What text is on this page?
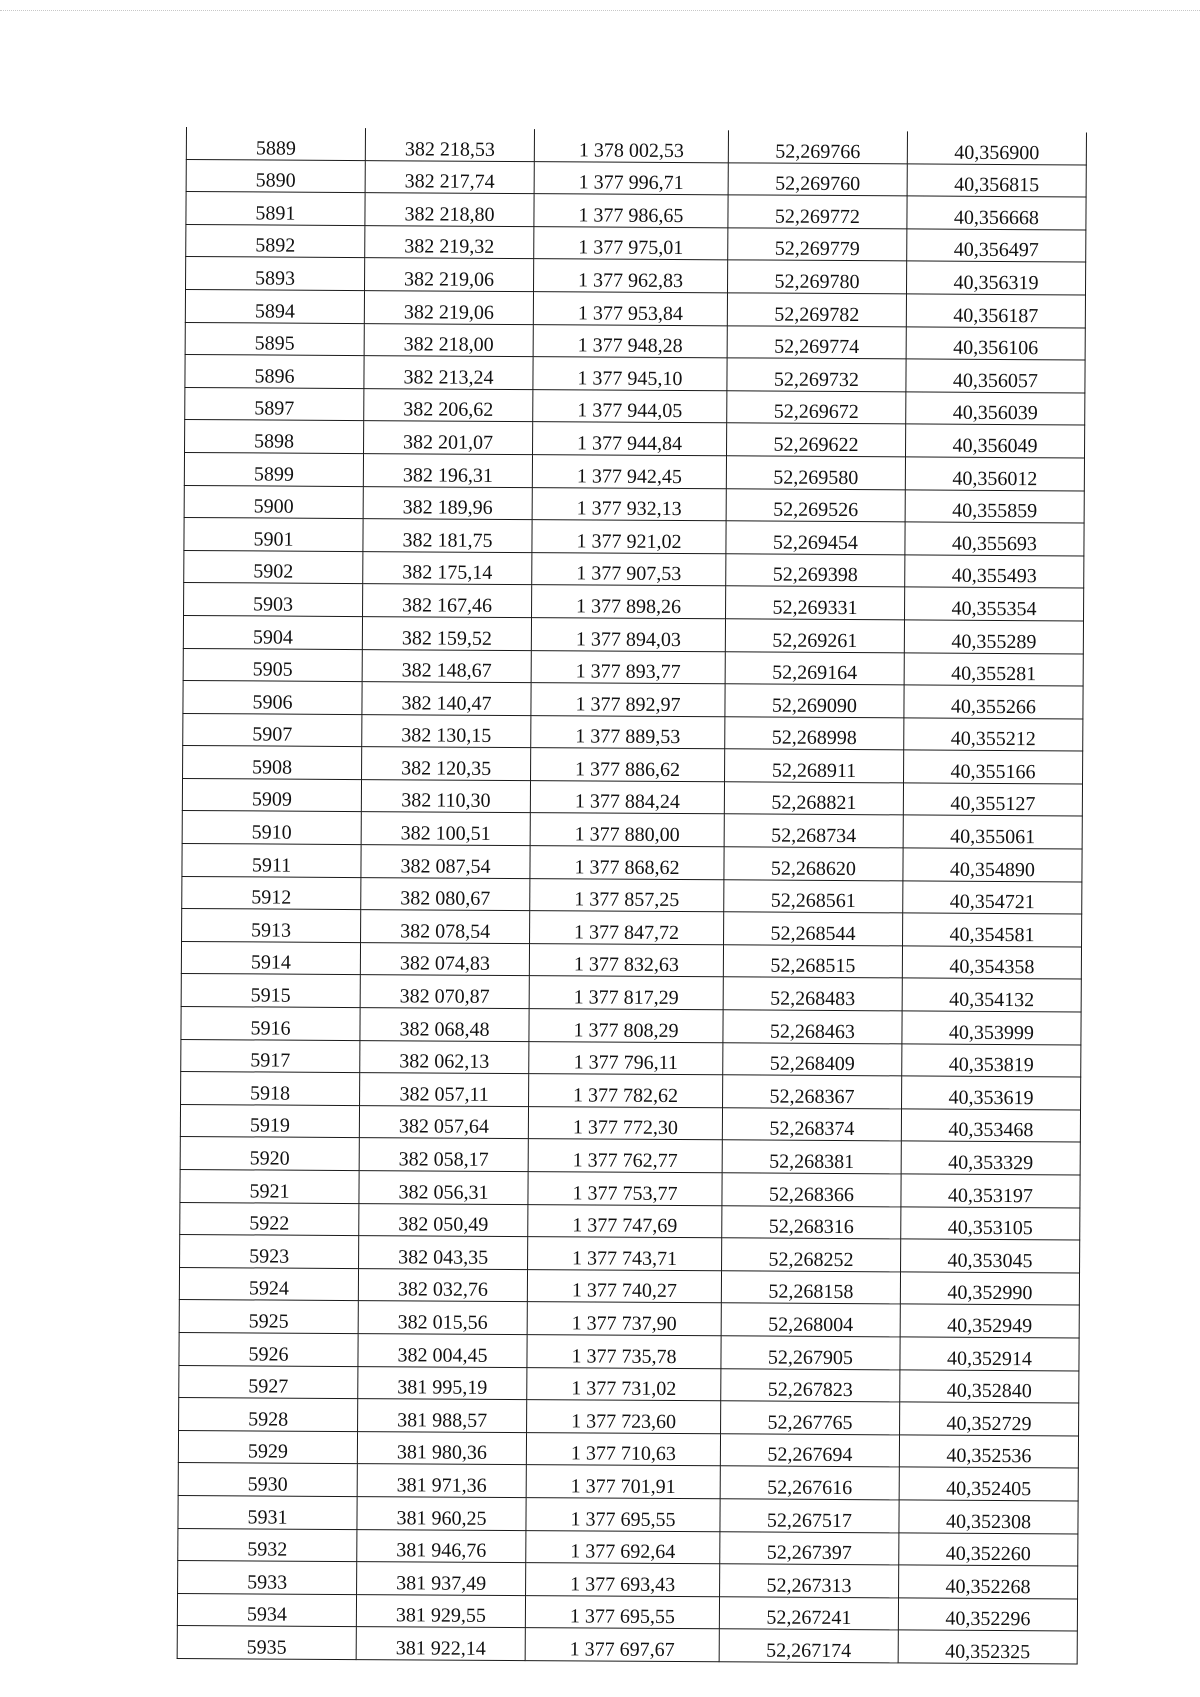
5889	382 218,53	1 378 002,53	52,269766	40,356900
5890	382 217,74	1 377 996,71	52,269760	40,356815
5891	382 218,80	1 377 986,65	52,269772	40,356668
5892	382 219,32	1 377 975,01	52,269779	40,356497
5893	382 219,06	1 377 962,83	52,269780	40,356319
5894	382 219,06	1 377 953,84	52,269782	40,356187
5895	382 218,00	1 377 948,28	52,269774	40,356106
5896	382 213,24	1 377 945,10	52,269732	40,356057
5897	382 206,62	1 377 944,05	52,269672	40,356039
5898	382 201,07	1 377 944,84	52,269622	40,356049
5899	382 196,31	1 377 942,45	52,269580	40,356012
5900	382 189,96	1 377 932,13	52,269526	40,355859
5901	382 181,75	1 377 921,02	52,269454	40,355693
5902	382 175,14	1 377 907,53	52,269398	40,355493
5903	382 167,46	1 377 898,26	52,269331	40,355354
5904	382 159,52	1 377 894,03	52,269261	40,355289
5905	382 148,67	1 377 893,77	52,269164	40,355281
5906	382 140,47	1 377 892,97	52,269090	40,355266
5907	382 130,15	1 377 889,53	52,268998	40,355212
5908	382 120,35	1 377 886,62	52,268911	40,355166
5909	382 110,30	1 377 884,24	52,268821	40,355127
5910	382 100,51	1 377 880,00	52,268734	40,355061
5911	382 087,54	1 377 868,62	52,268620	40,354890
5912	382 080,67	1 377 857,25	52,268561	40,354721
5913	382 078,54	1 377 847,72	52,268544	40,354581
5914	382 074,83	1 377 832,63	52,268515	40,354358
5915	382 070,87	1 377 817,29	52,268483	40,354132
5916	382 068,48	1 377 808,29	52,268463	40,353999
5917	382 062,13	1 377 796,11	52,268409	40,353819
5918	382 057,11	1 377 782,62	52,268367	40,353619
5919	382 057,64	1 377 772,30	52,268374	40,353468
5920	382 058,17	1 377 762,77	52,268381	40,353329
5921	382 056,31	1 377 753,77	52,268366	40,353197
5922	382 050,49	1 377 747,69	52,268316	40,353105
5923	382 043,35	1 377 743,71	52,268252	40,353045
5924	382 032,76	1 377 740,27	52,268158	40,352990
5925	382 015,56	1 377 737,90	52,268004	40,352949
5926	382 004,45	1 377 735,78	52,267905	40,352914
5927	381 995,19	1 377 731,02	52,267823	40,352840
5928	381 988,57	1 377 723,60	52,267765	40,352729
5929	381 980,36	1 377 710,63	52,267694	40,352536
5930	381 971,36	1 377 701,91	52,267616	40,352405
5931	381 960,25	1 377 695,55	52,267517	40,352308
5932	381 946,76	1 377 692,64	52,267397	40,352260
5933	381 937,49	1 377 693,43	52,267313	40,352268
5934	381 929,55	1 377 695,55	52,267241	40,352296
5935	381 922,14	1 377 697,67	52,267174	40,352325
